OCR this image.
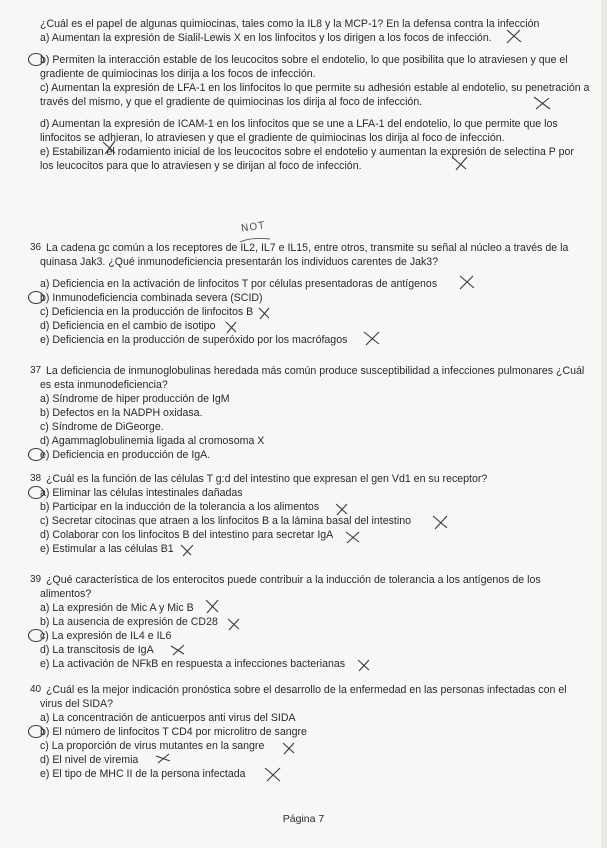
¿Cuál es el papel de algunas quimiocinas, tales como la IL8 y la MCP-1? En la defensa contra la infección
a) Aumentan la expresión de Sialil-Lewis X en los linfocitos y los dirigen a los focos de infección.
b) Permiten la interacción estable de los leucocitos sobre el endotelio, lo que posibilita que lo atraviesen y que el gradiente de quimiocinas los dirija a los focos de infección.
c) Aumentan la expresión de LFA-1 en los linfocitos lo que permite su adhesión estable al endotelio, su penetración a través del mismo, y que el gradiente de quimiocinas los dirija al foco de infección.
d) Aumentan la expresión de ICAM-1 en los linfocitos que se une a LFA-1 del endotelio, lo que permite que los linfocitos se adhieran, lo atraviesen y que el gradiente de quimiocinas los dirija al foco de infección.
e) Estabilizan el rodamiento inicial de los leucocitos sobre el endotelio y aumentan la expresión de selectina P por los leucocitos para que lo atraviesen y se dirijan al foco de infección.
NOT
36 La cadena gc común a los receptores de IL2, IL7 e IL15, entre otros, transmite su señal al núcleo a través de la quinasa Jak3. ¿Qué inmunodeficiencia presentarán los individuos carentes de Jak3?
a) Deficiencia en la activación de linfocitos T por células presentadoras de antígenos
b) Inmunodeficiencia combinada severa (SCID)
c) Deficiencia en la producción de linfocitos B
d) Deficiencia en el cambio de isotipo
e) Deficiencia en la producción de superóxido por los macrófagos
37 La deficiencia de inmunoglobulinas heredada más común produce susceptibilidad a infecciones pulmonares ¿Cuál es esta inmunodeficiencia?
a) Síndrome de hiper producción de IgM
b) Defectos en la NADPH oxidasa.
c) Síndrome de DiGeorge.
d) Agammaglobulinemia ligada al cromosoma X
e) Deficiencia en producción de IgA.
38 ¿Cuál es la función de las células T g:d del intestino que expresan el gen Vd1 en su receptor?
a) Eliminar las células intestinales dañadas
b) Participar en la inducción de la tolerancia a los alimentos
c) Secretar citocinas que atraen a los linfocitos B a la lámina basal del intestino
d) Colaborar con los linfocitos B del intestino para secretar IgA
e) Estimular a las células B1
39 ¿Qué característica de los enterocitos puede contribuir a la inducción de tolerancia a los antígenos de los alimentos?
a) La expresión de Mic A y Mic B
b) La ausencia de expresión de CD28
c) La expresión de IL4 e IL6
d) La transcitosis de IgA
e) La activación de NFkB en respuesta a infecciones bacterianas
40 ¿Cuál es la mejor indicación pronóstica sobre el desarrollo de la enfermedad en las personas infectadas con el virus del SIDA?
a) La concentración de anticuerpos anti virus del SIDA
b) El número de linfocitos T CD4 por microlitro de sangre
c) La proporción de virus mutantes en la sangre
d) El nivel de viremia
e) El tipo de MHC II de la persona infectada
Página 7
